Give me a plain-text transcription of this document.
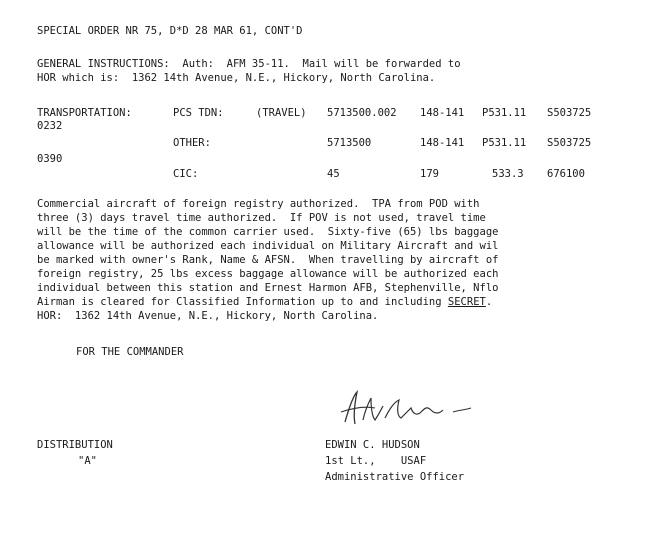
SPECIAL ORDER NR 75, D*D 28 MAR 61, CONT'D
GENERAL INSTRUCTIONS:  Auth:  AFM 35-11.  Mail will be forwarded to
HOR which is:  1362 14th Avenue, N.E., Hickory, North Carolina.
TRANSPORTATION:	PCS TDN:	(TRAVEL) 5713500.002 148-141 P531.11 S503725
0232
OTHER:	5713500	148-141 P531.11 S503725
0390
CIC:	45	179	533.3 676100
Commercial aircraft of foreign registry authorized.  TPA from POD with
three (3) days travel time authorized.  If POV is not used, travel time
will be the time of the common carrier used.  Sixty-five (65) lbs baggage
allowance will be authorized each individual on Military Aircraft and wil
be marked with owner's Rank, Name & AFSN.  When travelling by aircraft of
foreign registry, 25 lbs excess baggage allowance will be authorized each
individual between this station and Ernest Harmon AFB, Stephenville, Nflo
Airman is cleared for Classified Information up to and including SECRET.
HOR:  1362 14th Avenue, N.E., Hickory, North Carolina.
FOR THE COMMANDER
DISTRIBUTION
"A"
EDWIN C. HUDSON
1st Lt.,    USAF
Administrative Officer
